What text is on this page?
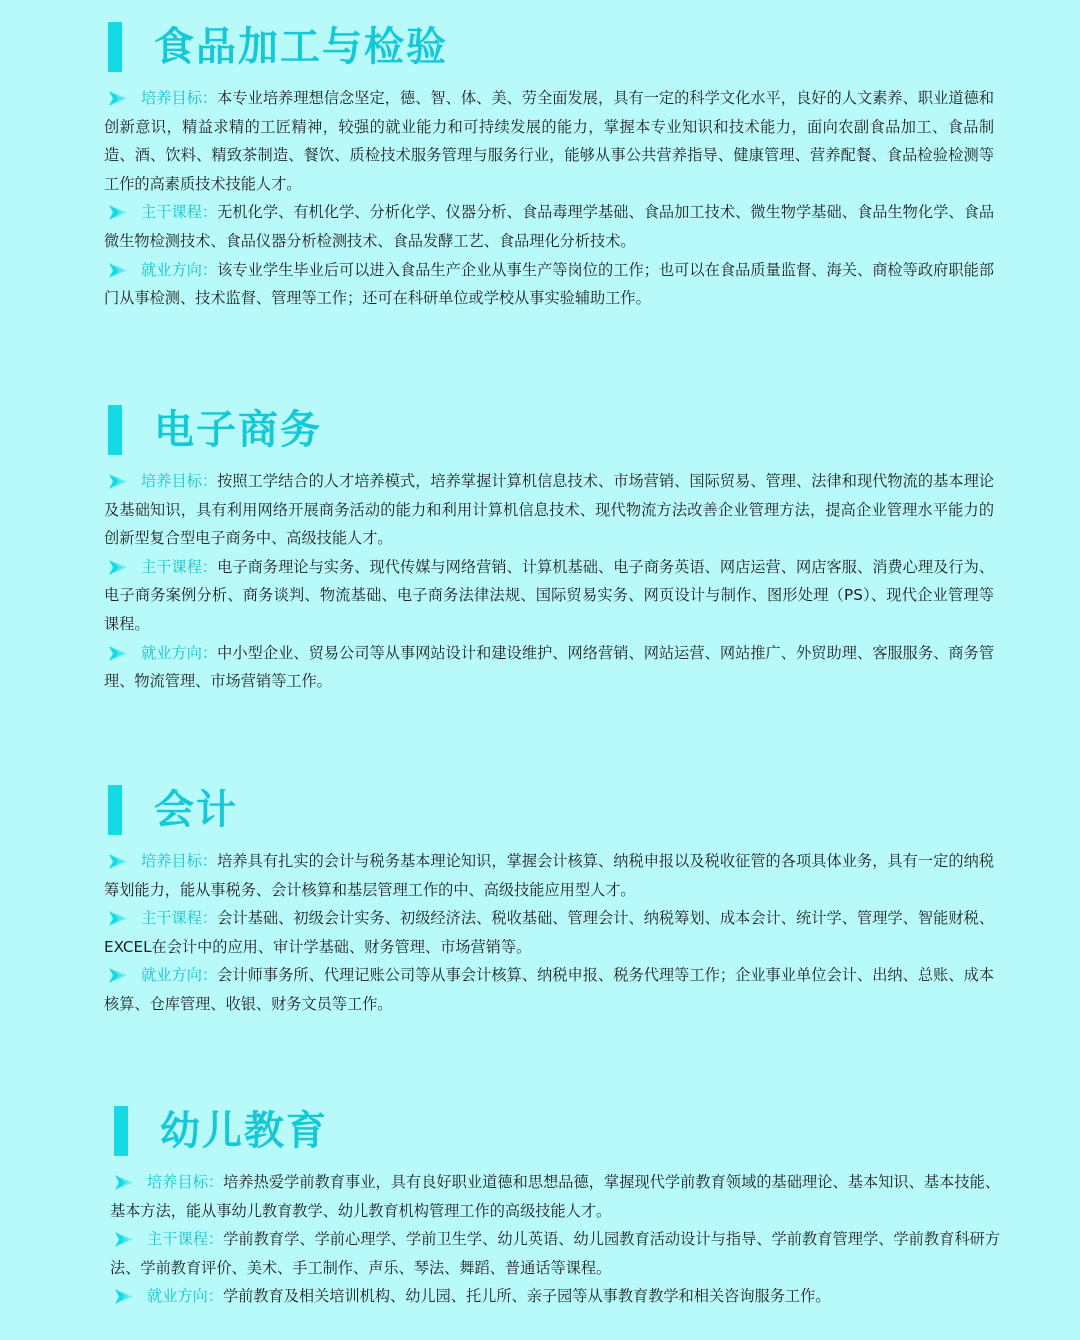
食品加工与检验

培养目标：本专业培养理想信念坚定，德、智、体、美、劳全面发展，具有一定的科学文化水平，良好的人文素养、职业道德和创新意识，精益求精的工匠精神，较强的就业能力和可持续发展的能力，掌握本专业知识和技术能力，面向农副食品加工、食品制造、酒、饮料、精致茶制造、餐饮、质检技术服务管理与服务行业，能够从事公共营养指导、健康管理、营养配餐、食品检验检测等工作的高素质技术技能人才。

主干课程：无机化学、有机化学、分析化学、仪器分析、食品毒理学基础、食品加工技术、微生物学基础、食品生物化学、食品微生物检测技术、食品仪器分析检测技术、食品发酵工艺、食品理化分析技术。

就业方向：该专业学生毕业后可以进入食品生产企业从事生产等岗位的工作；也可以在食品质量监督、海关、商检等政府职能部门从事检测、技术监督、管理等工作；还可在科研单位或学校从事实验辅助工作。

电子商务

培养目标：按照工学结合的人才培养模式，培养掌握计算机信息技术、市场营销、国际贸易、管理、法律和现代物流的基本理论及基础知识，具有利用网络开展商务活动的能力和利用计算机信息技术、现代物流方法改善企业管理方法，提高企业管理水平能力的创新型复合型电子商务中、高级技能人才。

主干课程：电子商务理论与实务、现代传媒与网络营销、计算机基础、电子商务英语、网店运营、网店客服、消费心理及行为、电子商务案例分析、商务谈判、物流基础、电子商务法律法规、国际贸易实务、网页设计与制作、图形处理（PS）、现代企业管理等课程。

就业方向：中小型企业、贸易公司等从事网站设计和建设维护、网络营销、网站运营、网站推广、外贸助理、客服服务、商务管理、物流管理、市场营销等工作。

会计

培养目标：培养具有扎实的会计与税务基本理论知识，掌握会计核算、纳税申报以及税收征管的各项具体业务，具有一定的纳税筹划能力，能从事税务、会计核算和基层管理工作的中、高级技能应用型人才。

主干课程：会计基础、初级会计实务、初级经济法、税收基础、管理会计、纳税筹划、成本会计、统计学、管理学、智能财税、EXCEL在会计中的应用、审计学基础、财务管理、市场营销等。

就业方向：会计师事务所、代理记账公司等从事会计核算、纳税申报、税务代理等工作；企业事业单位会计、出纳、总账、成本核算、仓库管理、收银、财务文员等工作。

幼儿教育

培养目标：培养热爱学前教育事业，具有良好职业道德和思想品德，掌握现代学前教育领域的基础理论、基本知识、基本技能、基本方法，能从事幼儿教育教学、幼儿教育机构管理工作的高级技能人才。

主干课程：学前教育学、学前心理学、学前卫生学、幼儿英语、幼儿园教育活动设计与指导、学前教育管理学、学前教育科研方法、学前教育评价、美术、手工制作、声乐、琴法、舞蹈、普通话等课程。

就业方向：学前教育及相关培训机构、幼儿园、托儿所、亲子园等从事教育教学和相关咨询服务工作。
